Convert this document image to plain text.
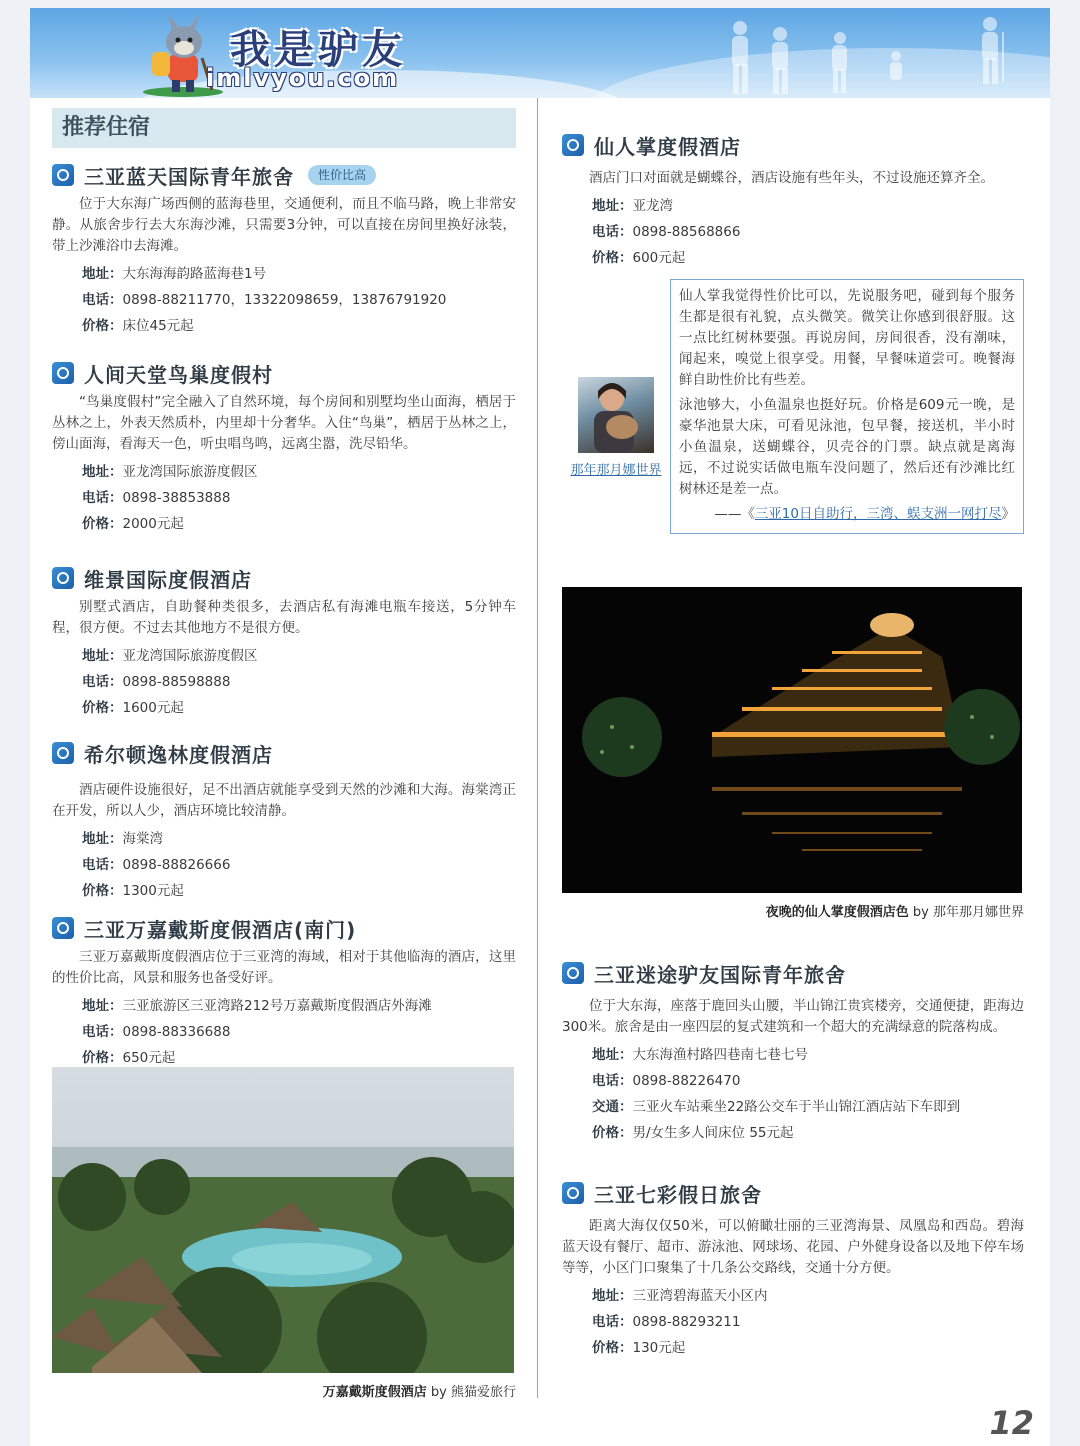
我是驴友
imlvyou.com
推荐住宿
三亚蓝天国际青年旅舍	性价比高

位于大东海广场西侧的蓝海巷里，交通便利，而且不临马路，晚上非常安静。从旅舍步行去大东海沙滩，只需要3分钟，可以直接在房间里换好泳装，带上沙滩浴巾去海滩。

地址：大东海海韵路蓝海巷1号
电话：0898-88211770，13322098659，13876791920
价格：床位45元起
人间天堂鸟巢度假村

“鸟巢度假村”完全融入了自然环境，每个房间和别墅均坐山面海，栖居于丛林之上，外表天然质朴，内里却十分奢华。入住“鸟巢”，栖居于丛林之上，傍山面海，看海天一色，听虫唱鸟鸣，远离尘嚣，洗尽铅华。

地址：亚龙湾国际旅游度假区
电话：0898-38853888
价格：2000元起
维景国际度假酒店

别墅式酒店，自助餐种类很多，去酒店私有海滩电瓶车接送，5分钟车程，很方便。不过去其他地方不是很方便。

地址：亚龙湾国际旅游度假区
电话：0898-88598888
价格：1600元起
希尔顿逸林度假酒店

酒店硬件设施很好，足不出酒店就能享受到天然的沙滩和大海。海棠湾正在开发，所以人少，酒店环境比较清静。

地址：海棠湾
电话：0898-88826666
价格：1300元起
三亚万嘉戴斯度假酒店(南门)

三亚万嘉戴斯度假酒店位于三亚湾的海域，相对于其他临海的酒店，这里的性价比高，风景和服务也备受好评。

地址：三亚旅游区三亚湾路212号万嘉戴斯度假酒店外海滩
电话：0898-88336688
价格：650元起
万嘉戴斯度假酒店 by 熊猫爱旅行
仙人掌度假酒店

酒店门口对面就是蝴蝶谷，酒店设施有些年头，不过设施还算齐全。

地址：亚龙湾
电话：0898-88568866
价格：600元起
那年那月娜世界

仙人掌我觉得性价比可以，先说服务吧，碰到每个服务生都是很有礼貌，点头微笑。微笑让你感到很舒服。这一点比红树林要强。再说房间，房间很香，没有潮味，闻起来，嗅觉上很享受。用餐，早餐味道尝可。晚餐海鲜自助性价比有些差。

泳池够大，小鱼温泉也挺好玩。价格是609元一晚，是豪华池景大床，可看见泳池，包早餐，接送机，半小时小鱼温泉，送蝴蝶谷，贝壳谷的门票。缺点就是离海远，不过说实话做电瓶车没问题了，然后还有沙滩比红树林还是差一点。

——《三亚10日自助行，三湾、蜈支洲一网打尽》
夜晚的仙人掌度假酒店色 by 那年那月娜世界
三亚迷途驴友国际青年旅舍

位于大东海，座落于鹿回头山腰，半山锦江贵宾楼旁，交通便捷，距海边300米。旅舍是由一座四层的复式建筑和一个超大的充满绿意的院落构成。

地址：大东海渔村路四巷南七巷七号
电话：0898-88226470
交通：三亚火车站乘坐22路公交车于半山锦江酒店站下车即到
价格：男/女生多人间床位 55元起
三亚七彩假日旅舍

距离大海仅仅50米，可以俯瞰壮丽的三亚湾海景、凤凰岛和西岛。碧海蓝天设有餐厅、超市、游泳池、网球场、花园、户外健身设备以及地下停车场等等，小区门口聚集了十几条公交路线，交通十分方便。

地址：三亚湾碧海蓝天小区内
电话：0898-88293211
价格：130元起
12
